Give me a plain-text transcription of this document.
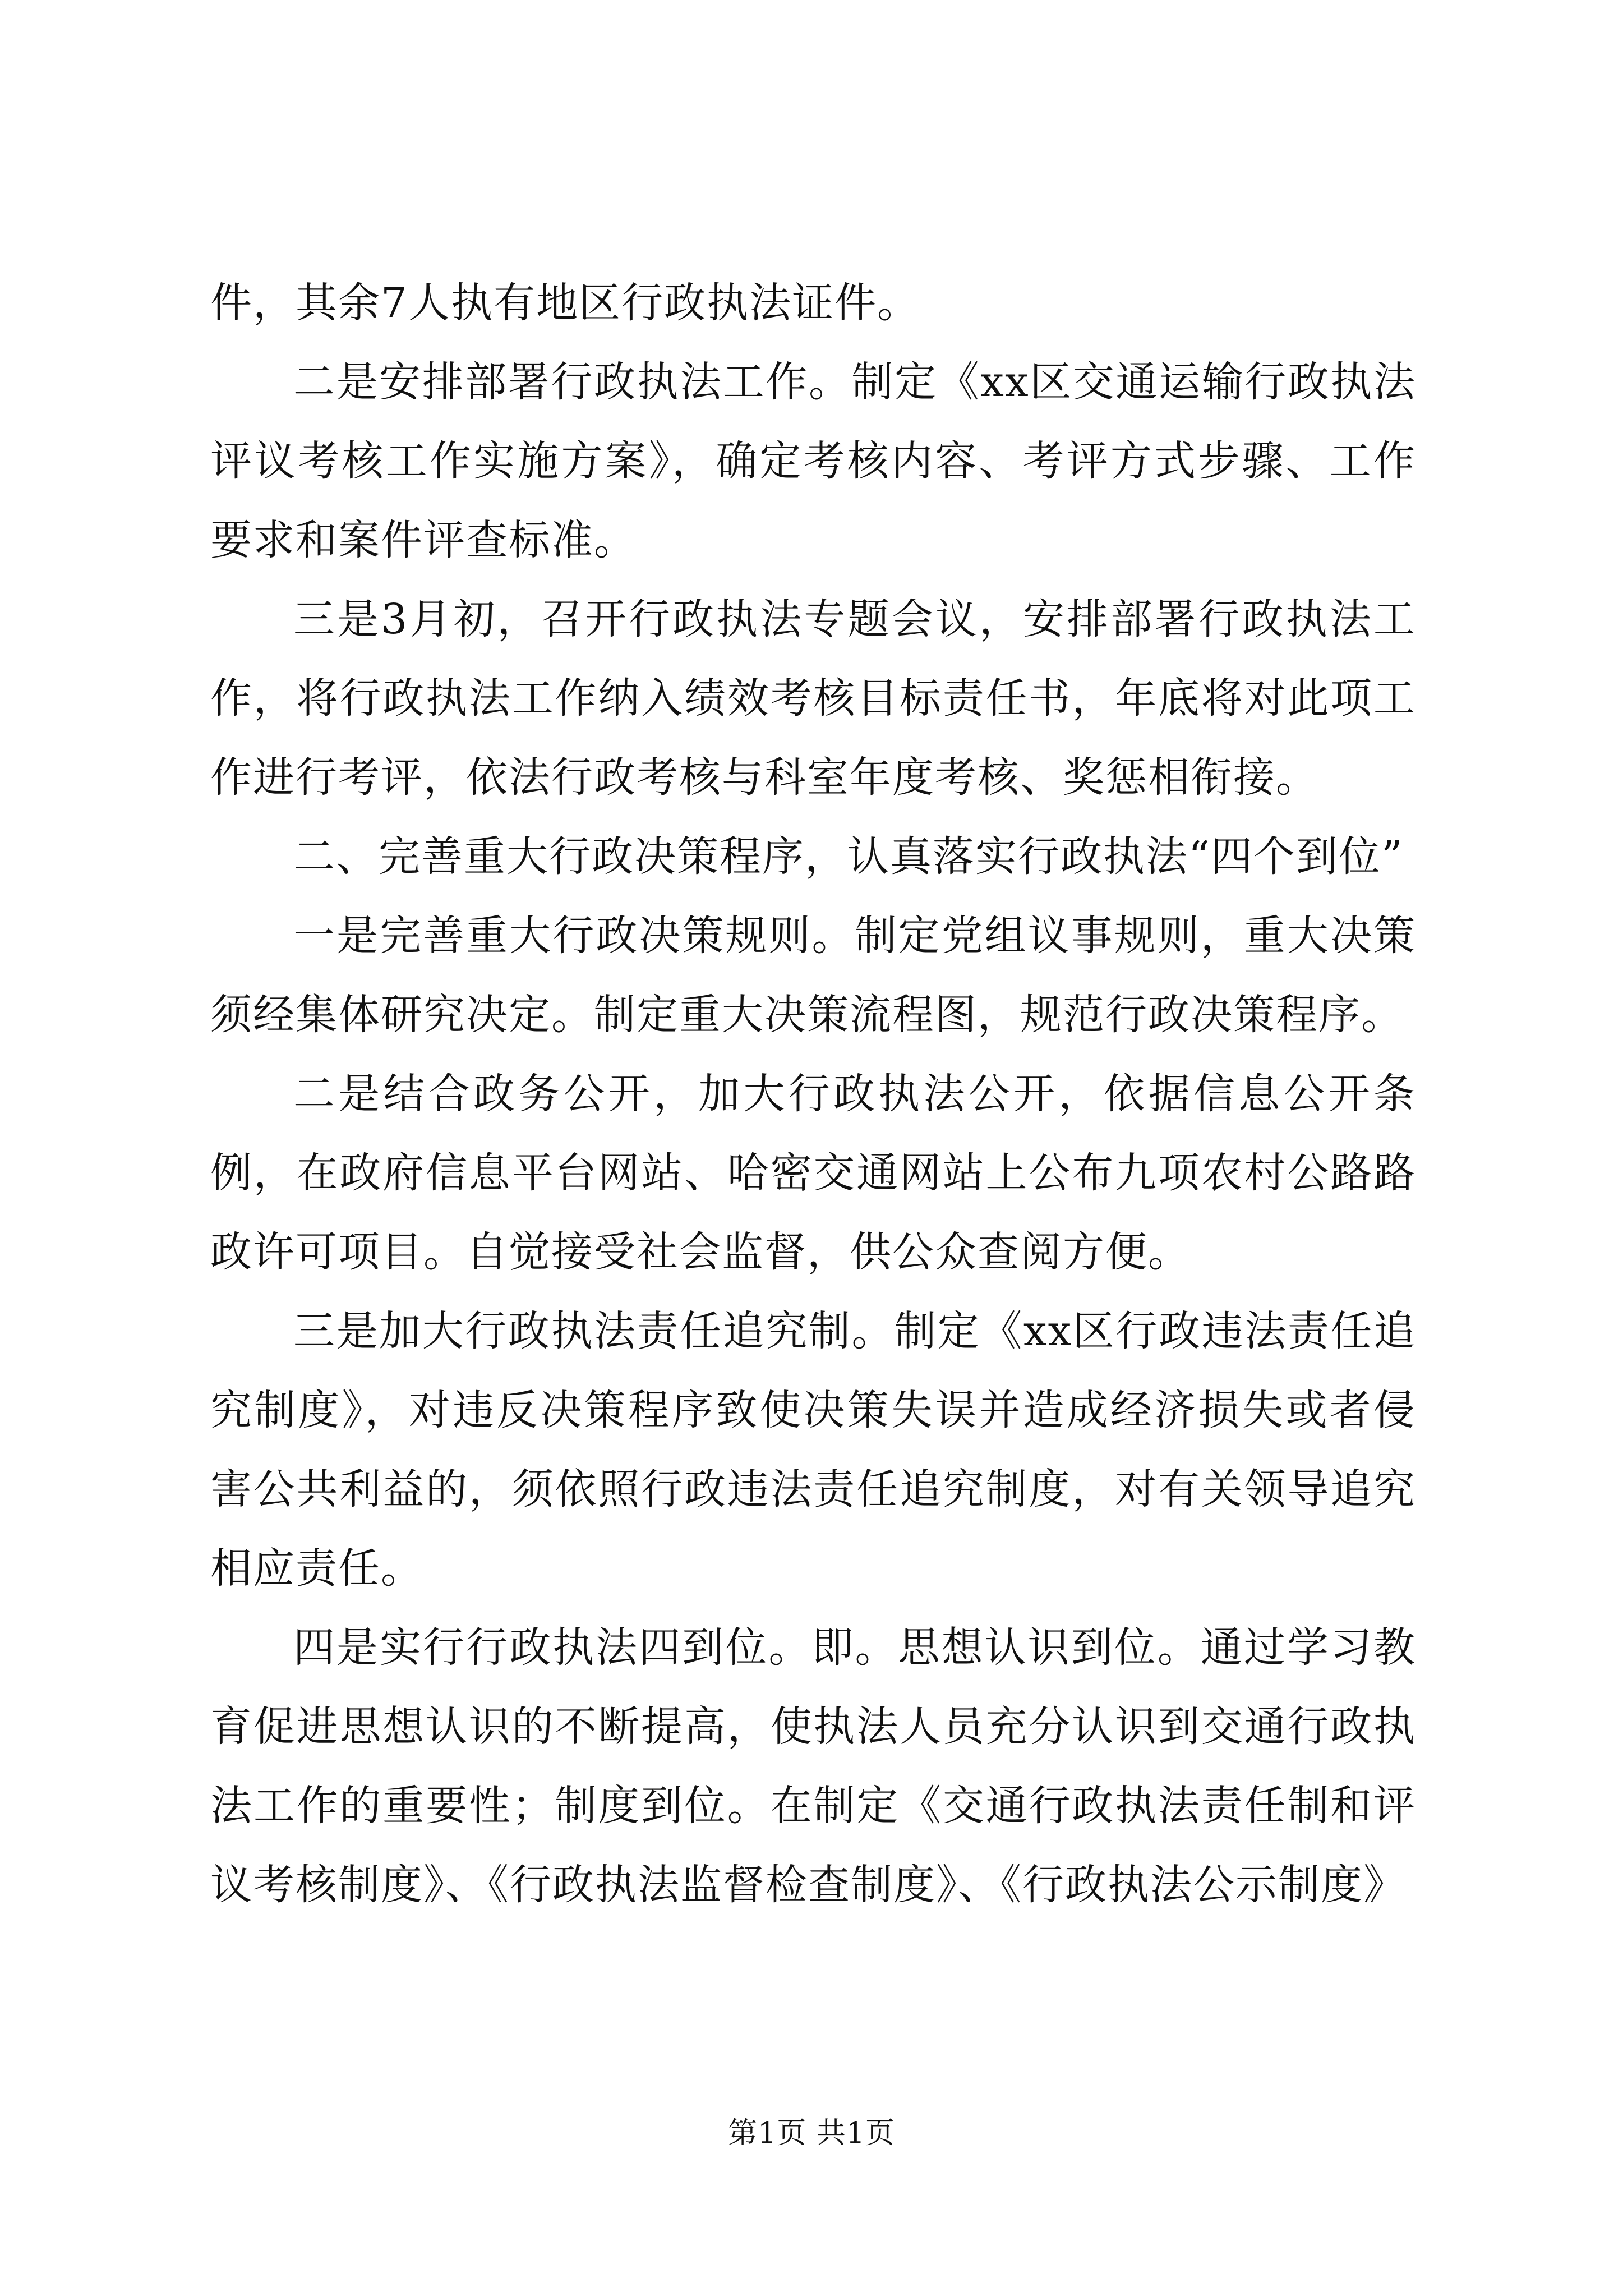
件，其余7人执有地区行政执法证件。

二是安排部署行政执法工作。制定《xx区交通运输行政执法评议考核工作实施方案》，确定考核内容、考评方式步骤、工作要求和案件评查标准。

三是3月初，召开行政执法专题会议，安排部署行政执法工作，将行政执法工作纳入绩效考核目标责任书，年底将对此项工作进行考评，依法行政考核与科室年度考核、奖惩相衔接。

二、完善重大行政决策程序，认真落实行政执法“四个到位”

一是完善重大行政决策规则。制定党组议事规则，重大决策须经集体研究决定。制定重大决策流程图，规范行政决策程序。

二是结合政务公开，加大行政执法公开，依据信息公开条例，在政府信息平台网站、哈密交通网站上公布九项农村公路路政许可项目。自觉接受社会监督，供公众查阅方便。

三是加大行政执法责任追究制。制定《xx区行政违法责任追究制度》，对违反决策程序致使决策失误并造成经济损失或者侵害公共利益的，须依照行政违法责任追究制度，对有关领导追究相应责任。

四是实行行政执法四到位。即。思想认识到位。通过学习教育促进思想认识的不断提高，使执法人员充分认识到交通行政执法工作的重要性；制度到位。在制定《交通行政执法责任制和评议考核制度》、《行政执法监督检查制度》、《行政执法公示制度》

第1页 共1页
